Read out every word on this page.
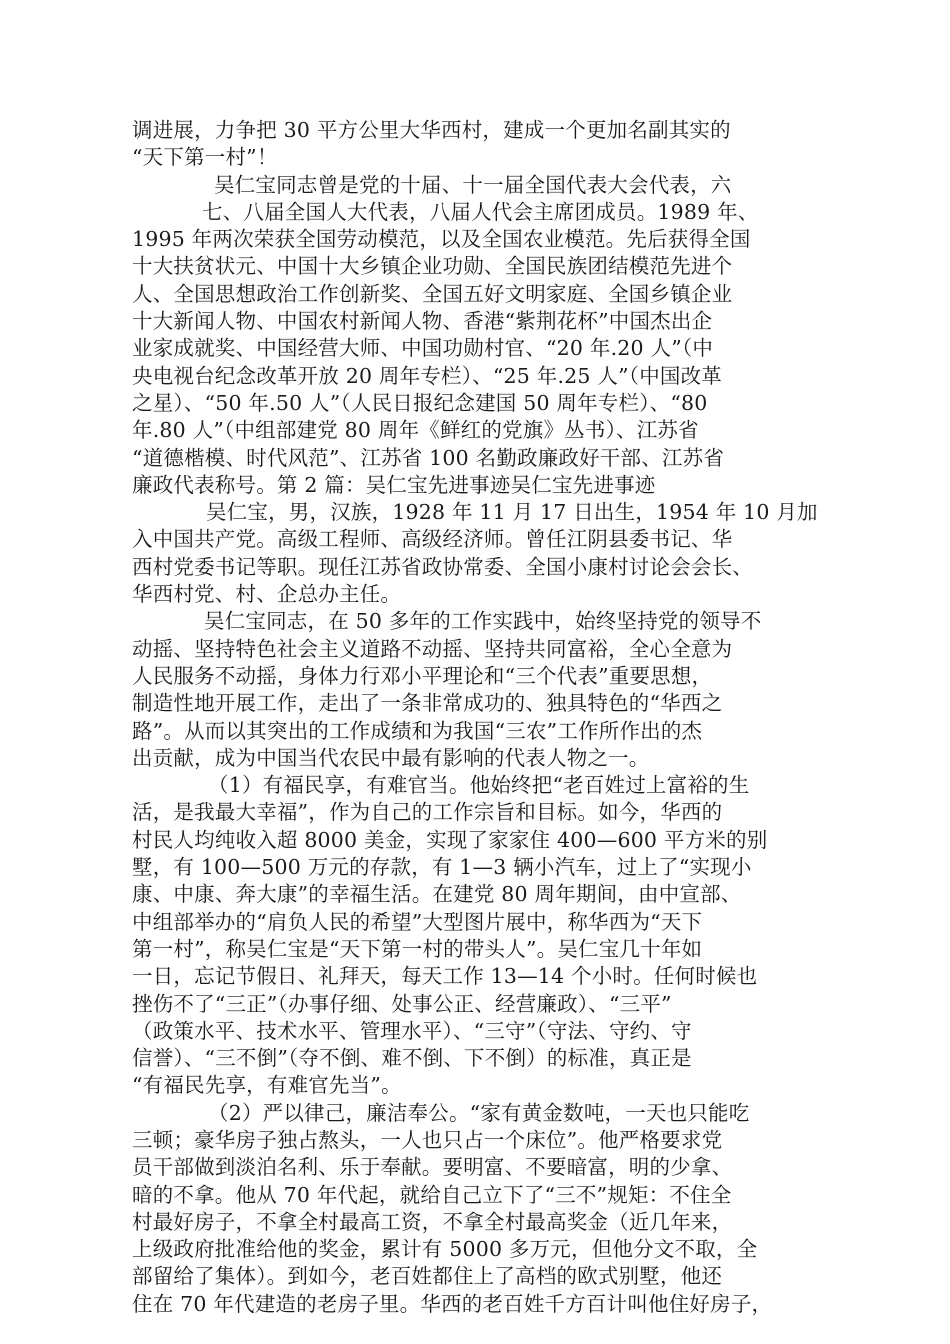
调进展，力争把 30 平方公里大华西村，建成一个更加名副其实的
“天下第一村”！
吴仁宝同志曾是党的十届、十一届全国代表大会代表，六
七、八届全国人大代表，八届人代会主席团成员。1989 年、
1995 年两次荣获全国劳动模范，以及全国农业模范。先后获得全国
十大扶贫状元、中国十大乡镇企业功勋、全国民族团结模范先进个
人、全国思想政治工作创新奖、全国五好文明家庭、全国乡镇企业
十大新闻人物、中国农村新闻人物、香港“紫荆花杯”中国杰出企
业家成就奖、中国经营大师、中国功勋村官、“20 年.20 人”（中
央电视台纪念改革开放 20 周年专栏）、“25 年.25 人”（中国改革
之星）、“50 年.50 人”（人民日报纪念建国 50 周年专栏）、“80
年.80 人”（中组部建党 80 周年《鲜红的党旗》丛书）、江苏省
“道德楷模、时代风范”、江苏省 100 名勤政廉政好干部、江苏省
廉政代表称号。第 2 篇：吴仁宝先进事迹吴仁宝先进事迹
吴仁宝，男，汉族，1928 年 11 月 17 日出生，1954 年 10 月加
入中国共产党。高级工程师、高级经济师。曾任江阴县委书记、华
西村党委书记等职。现任江苏省政协常委、全国小康村讨论会会长、
华西村党、村、企总办主任。
吴仁宝同志，在 50 多年的工作实践中，始终坚持党的领导不
动摇、坚持特色社会主义道路不动摇、坚持共同富裕，全心全意为
人民服务不动摇，身体力行邓小平理论和“三个代表”重要思想，
制造性地开展工作，走出了一条非常成功的、独具特色的“华西之
路”。从而以其突出的工作成绩和为我国“三农”工作所作出的杰
出贡献，成为中国当代农民中最有影响的代表人物之一。
（1）有福民享，有难官当。他始终把“老百姓过上富裕的生
活，是我最大幸福”，作为自己的工作宗旨和目标。如今，华西的
村民人均纯收入超 8000 美金，实现了家家住 400—600 平方米的别
墅，有 100—500 万元的存款，有 1—3 辆小汽车，过上了“实现小
康、中康、奔大康”的幸福生活。在建党 80 周年期间，由中宣部、
中组部举办的“肩负人民的希望”大型图片展中，称华西为“天下
第一村”，称吴仁宝是“天下第一村的带头人”。吴仁宝几十年如
一日，忘记节假日、礼拜天，每天工作 13—14 个小时。任何时候也
挫伤不了“三正”（办事仔细、处事公正、经营廉政）、“三平”
（政策水平、技术水平、管理水平）、“三守”（守法、守约、守
信誉）、“三不倒”（夺不倒、难不倒、下不倒）的标准，真正是
“有福民先享，有难官先当”。
（2）严以律己，廉洁奉公。“家有黄金数吨，一天也只能吃
三顿；豪华房子独占熬头，一人也只占一个床位”。他严格要求党
员干部做到淡泊名利、乐于奉献。要明富、不要暗富，明的少拿、
暗的不拿。他从 70 年代起，就给自己立下了“三不”规矩：不住全
村最好房子，不拿全村最高工资，不拿全村最高奖金（近几年来，
上级政府批准给他的奖金，累计有 5000 多万元，但他分文不取，全
部留给了集体）。到如今，老百姓都住上了高档的欧式别墅，他还
住在 70 年代建造的老房子里。华西的老百姓千方百计叫他住好房子，
